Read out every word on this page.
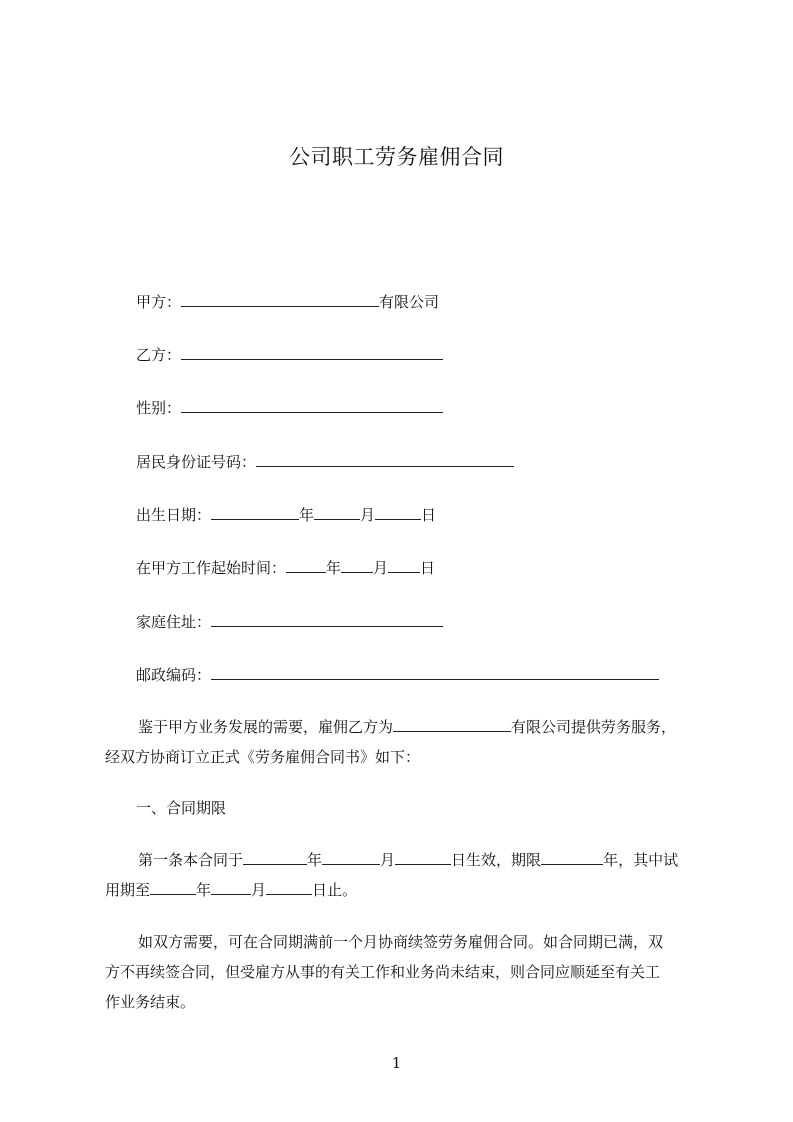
公司职工劳务雇佣合同
甲方：	有限公司
乙方：
性别：
居民身份证号码：
出生日期：	年	月	日
在甲方工作起始时间：	年 月 日
家庭住址：
邮政编码：
鉴于甲方业务发展的需要，雇佣乙方为	有限公司提供劳务服务，
经双方协商订立正式《劳务雇佣合同书》如下：
一、合同期限
第一条本合同于	年	月	日生效，期限	年，其中试
用期至	年	月	日止。
如双方需要，可在合同期满前一个月协商续签劳务雇佣合同。如合同期已满，双
方不再续签合同，但受雇方从事的有关工作和业务尚未结束，则合同应顺延至有关工
作业务结束。
1
